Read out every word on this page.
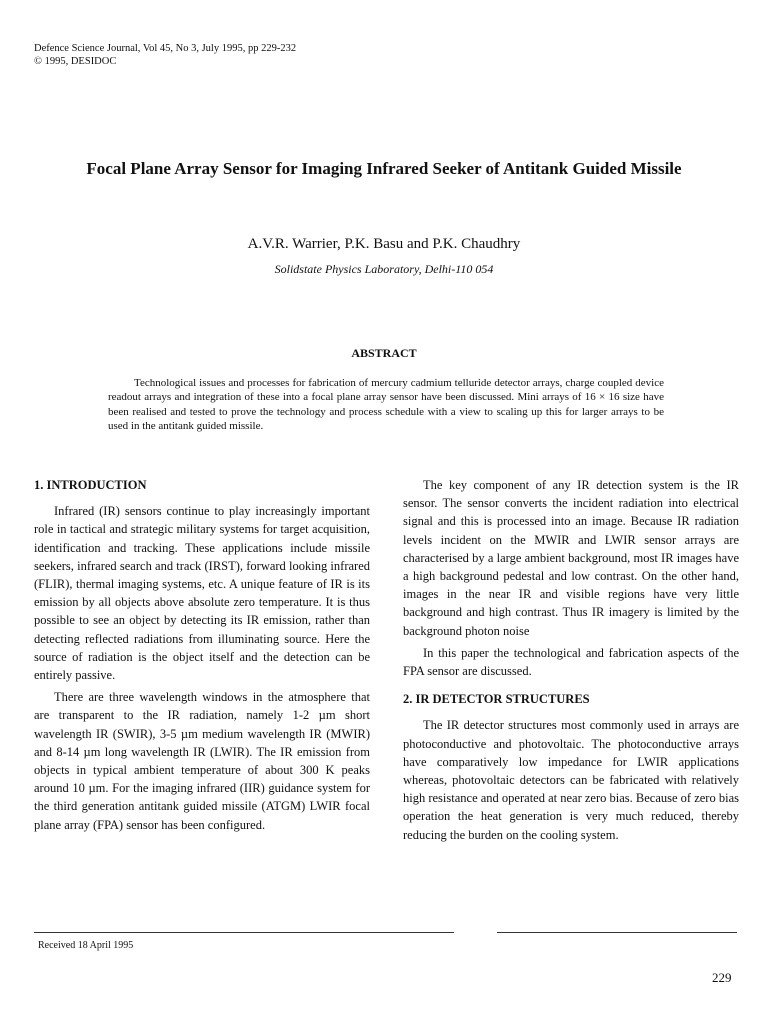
Defence Science Journal, Vol 45, No 3, July 1995, pp 229-232
© 1995, DESIDOC
Focal Plane Array Sensor for Imaging Infrared Seeker of Antitank Guided Missile
A.V.R. Warrier, P.K. Basu and P.K. Chaudhry
Solidstate Physics Laboratory, Delhi-110 054
ABSTRACT
Technological issues and processes for fabrication of mercury cadmium telluride detector arrays, charge coupled device readout arrays and integration of these into a focal plane array sensor have been discussed. Mini arrays of 16 × 16 size have been realised and tested to prove the technology and process schedule with a view to scaling up this for larger arrays to be used in the antitank guided missile.
1. INTRODUCTION

Infrared (IR) sensors continue to play increasingly important role in tactical and strategic military systems for target acquisition, identification and tracking. These applications include missile seekers, infrared search and track (IRST), forward looking infrared (FLIR), thermal imaging systems, etc. A unique feature of IR is its emission by all objects above absolute zero temperature. It is thus possible to see an object by detecting its IR emission, rather than detecting reflected radiations from illuminating source. Here the source of radiation is the object itself and the detection can be entirely passive.

There are three wavelength windows in the atmosphere that are transparent to the IR radiation, namely 1-2 µm short wavelength IR (SWIR), 3-5 µm medium wavelength IR (MWIR) and 8-14 µm long wavelength IR (LWIR). The IR emission from objects in typical ambient temperature of about 300 K peaks around 10 µm. For the imaging infrared (IIR) guidance system for the third generation antitank guided missile (ATGM) LWIR focal plane array (FPA) sensor has been configured.

The key component of any IR detection system is the IR sensor. The sensor converts the incident radiation into electrical signal and this is processed into an image. Because IR radiation levels incident on the MWIR and LWIR sensor arrays are characterised by a large ambient background, most IR images have a high background pedestal and low contrast. On the other hand, images in the near IR and visible regions have very little background and high contrast. Thus IR imagery is limited by the background photon noise

In this paper the technological and fabrication aspects of the FPA sensor are discussed.

2. IR DETECTOR STRUCTURES

The IR detector structures most commonly used in arrays are photoconductive and photovoltaic. The photoconductive arrays have comparatively low impedance for LWIR applications whereas, photovoltaic detectors can be fabricated with relatively high resistance and operated at near zero bias. Because of zero bias operation the heat generation is very much reduced, thereby reducing the burden on the cooling system.

Received 18 April 1995
229
